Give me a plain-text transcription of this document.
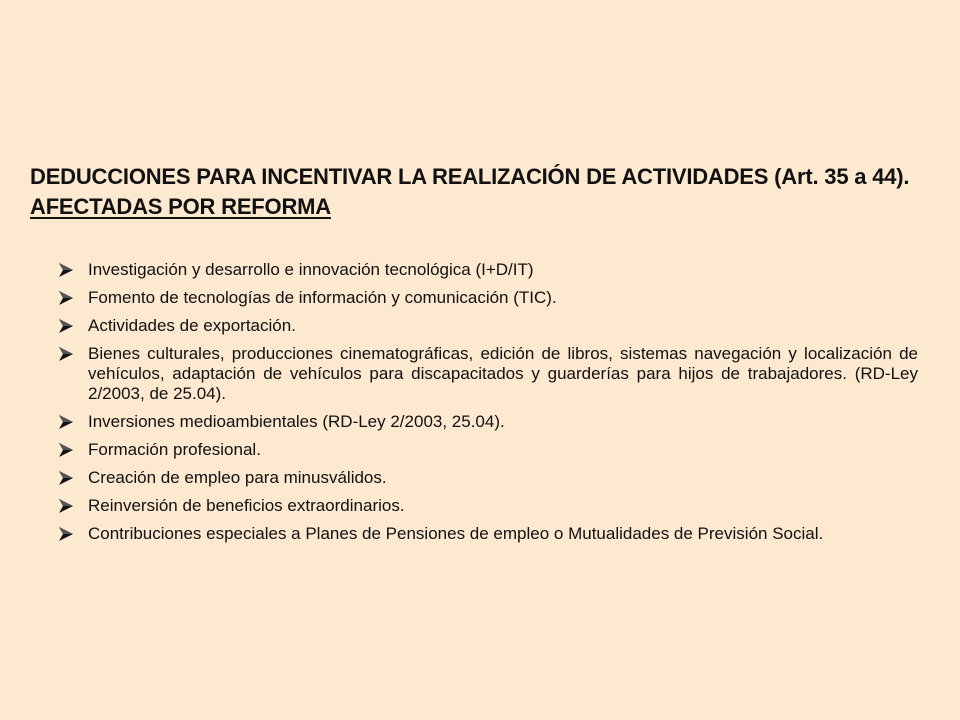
DEDUCCIONES PARA INCENTIVAR LA REALIZACIÓN DE ACTIVIDADES (Art. 35 a 44). AFECTADAS POR REFORMA
Investigación y desarrollo e innovación tecnológica (I+D/IT)
Fomento de tecnologías de información y comunicación (TIC).
Actividades de exportación.
Bienes culturales, producciones cinematográficas, edición de libros, sistemas navegación y localización de vehículos, adaptación de vehículos para discapacitados y guarderías para hijos de trabajadores. (RD-Ley 2/2003, de 25.04).
Inversiones medioambientales (RD-Ley 2/2003, 25.04).
Formación profesional.
Creación de empleo para minusválidos.
Reinversión de beneficios extraordinarios.
Contribuciones especiales a Planes de Pensiones de empleo o Mutualidades de Previsión Social.
